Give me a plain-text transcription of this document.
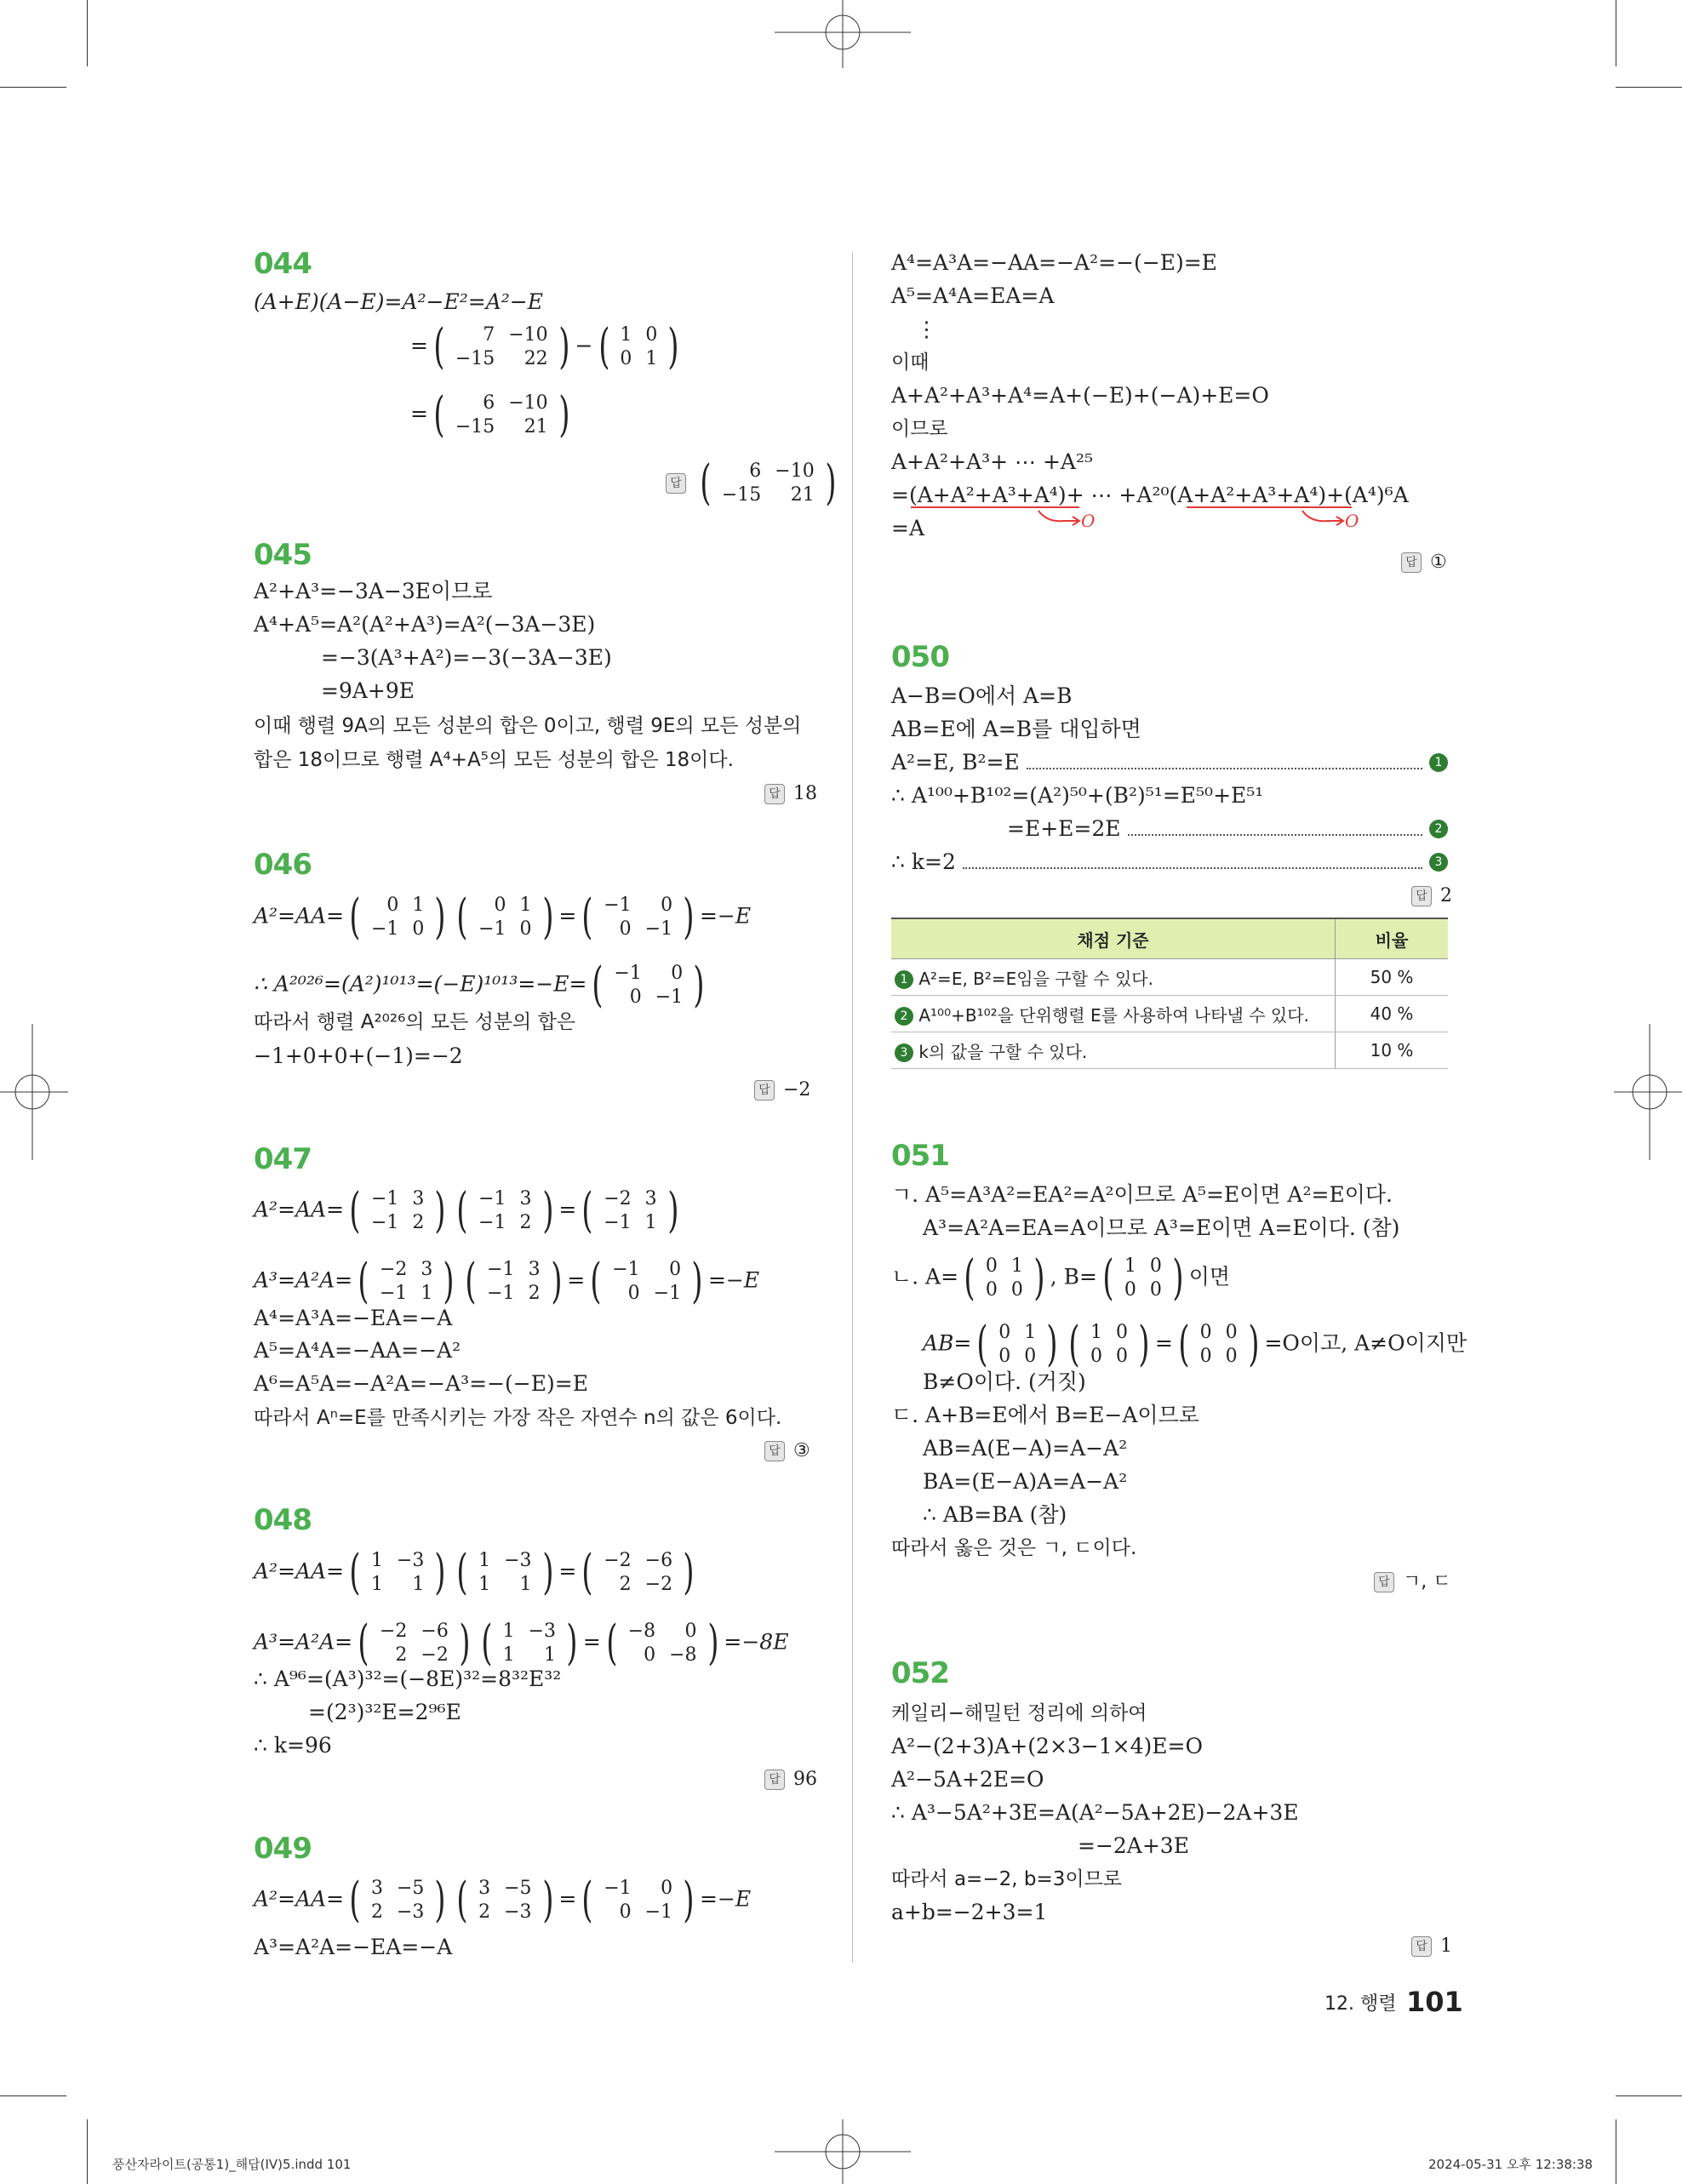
044
(A+E)(A−E)=A²−E²=A²−E
= ( 7	−10
−15	22 ) − ( 1	0
0	1 )
= ( 6	−10
−15	21 )
답 ( 6	−10
−15	21 )
045
A²+A³=−3A−3E이므로
A⁴+A⁵=A²(A²+A³)=A²(−3A−3E)
=−3(A³+A²)=−3(−3A−3E)
=9A+9E
이때 행렬 9A의 모든 성분의 합은 0이고, 행렬 9E의 모든 성분의
합은 18이므로 행렬 A⁴+A⁵의 모든 성분의 합은 18이다.
답 18
046
A²=AA= ( 0	1
−1	0 ) ( 0	1
−1	0 ) = ( −1	0
0	−1 ) =−E
∴ A²⁰²⁶=(A²)¹⁰¹³=(−E)¹⁰¹³=−E= ( −1	0
0	−1 )
따라서 행렬 A²⁰²⁶의 모든 성분의 합은
−1+0+0+(−1)=−2
답 −2
047
A²=AA= ( −1	3
−1	2 ) ( −1	3
−1	2 ) = ( −2	3
−1	1 )
A³=A²A= ( −2	3
−1	1 ) ( −1	3
−1	2 ) = ( −1	0
0	−1 ) =−E
A⁴=A³A=−EA=−A
A⁵=A⁴A=−AA=−A²
A⁶=A⁵A=−A²A=−A³=−(−E)=E
따라서 Aⁿ=E를 만족시키는 가장 작은 자연수 n의 값은 6이다.
답 ③
048
A²=AA= ( 1	−3
1	1 ) ( 1	−3
1	1 ) = ( −2	−6
2	−2 )
A³=A²A= ( −2	−6
2	−2 ) ( 1	−3
1	1 ) = ( −8	0
0	−8 ) =−8E
∴ A⁹⁶=(A³)³²=(−8E)³²=8³²E³²
=(2³)³²E=2⁹⁶E
∴ k=96
답 96
049
A²=AA= ( 3	−5
2	−3 ) ( 3	−5
2	−3 ) = ( −1	0
0	−1 ) =−E
A³=A²A=−EA=−A
A⁴=A³A=−AA=−A²=−(−E)=E
A⁵=A⁴A=EA=A
⋮
이때
A+A²+A³+A⁴=A+(−E)+(−A)+E=O
이므로
A+A²+A³+ ⋯ +A²⁵
=(A+A²+A³+A⁴)+ ⋯ +A²⁰(A+A²+A³+A⁴)+(A⁴)⁶A
O	O
=A
답 ①
050
A−B=O에서 A=B
AB=E에 A=B를 대입하면
A²=E, B²=E	1
∴ A¹⁰⁰+B¹⁰²=(A²)⁵⁰+(B²)⁵¹=E⁵⁰+E⁵¹
=E+E=2E	2
∴ k=2	3
답 2
채점 기준	비율
1 A²=E, B²=E임을 구할 수 있다.	50 %
2 A¹⁰⁰+B¹⁰²을 단위행렬 E를 사용하여 나타낼 수 있다.	40 %
3 k의 값을 구할 수 있다.	10 %
051
ㄱ. A⁵=A³A²=EA²=A²이므로 A⁵=E이면 A²=E이다.
A³=A²A=EA=A이므로 A³=E이면 A=E이다. (참)
ㄴ. A= ( 0	1
0	0 ) , B= ( 1	0
0	0 ) 이면
AB= ( 0	1
0	0 ) ( 1	0
0	0 ) = ( 0	0
0	0 ) =O이고, A≠O이지만
B≠O이다. (거짓)
ㄷ. A+B=E에서 B=E−A이므로
AB=A(E−A)=A−A²
BA=(E−A)A=A−A²
∴ AB=BA (참)
따라서 옳은 것은 ㄱ, ㄷ이다.
답 ㄱ, ㄷ
052
케일리−해밀턴 정리에 의하여
A²−(2+3)A+(2×3−1×4)E=O
A²−5A+2E=O
∴ A³−5A²+3E=A(A²−5A+2E)−2A+3E
=−2A+3E
따라서 a=−2, b=3이므로
a+b=−2+3=1
답 1
12. 행렬 101
풍산자라이트(공통1)_해답(IV)5.indd 101	2024-05-31 오후 12:38:38
